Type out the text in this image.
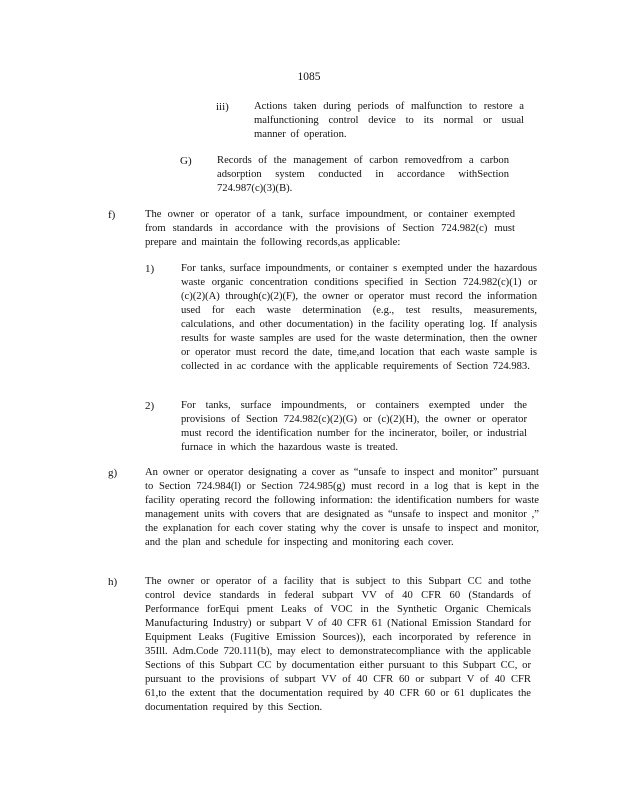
1085
iii) Actions taken during periods of malfunction to restore a malfunctioning control device to its normal or usual manner of operation.
G) Records of the management of carbon removedfrom a carbon adsorption system conducted in accordance withSection 724.987(c)(3)(B).
f)	The owner or operator of a tank, surface impoundment, or container exempted from standards in accordance with the provisions of Section 724.982(c) must prepare and maintain the following records,as applicable:
1)	For tanks, surface impoundments, or container s exempted under the hazardous waste organic concentration conditions specified in Section 724.982(c)(1) or (c)(2)(A) through(c)(2)(F), the owner or operator must record the information used for each waste determination (e.g., test results, measurements, calculations, and other documentation) in the facility operating log. If analysis results for waste samples are used for the waste determination, then the owner or operator must record the date, time,and location that each waste sample is collected in ac cordance with the applicable requirements of Section 724.983.
2)	For tanks, surface impoundments, or containers exempted under the provisions of Section 724.982(c)(2)(G) or (c)(2)(H), the owner or operator must record the identification number for the incinerator, boiler, or industrial furnace in which the hazardous waste is treated.
g)	An owner or operator designating a cover as “unsafe to inspect and monitor” pursuant to Section 724.984(l) or Section 724.985(g) must record in a log that is kept in the facility operating record the following information: the identification numbers for waste management units with covers that are designated as “unsafe to inspect and monitor ,” the explanation for each cover stating why the cover is unsafe to inspect and monitor, and the plan and schedule for inspecting and monitoring each cover.
h)	The owner or operator of a facility that is subject to this Subpart CC and tothe control device standards in federal subpart VV of 40 CFR 60 (Standards of Performance forEqui pment Leaks of VOC in the Synthetic Organic Chemicals Manufacturing Industry) or subpart V of 40 CFR 61 (National Emission Standard for Equipment Leaks (Fugitive Emission Sources)), each incorporated by reference in 35Ill. Adm.Code 720.111(b), may elect to demonstratecompliance with the applicable Sections of this Subpart CC by documentation either pursuant to this Subpart CC, or pursuant to the provisions of subpart VV of 40 CFR 60 or subpart V of 40 CFR 61,to the extent that the documentation required by 40 CFR 60 or 61 duplicates the documentation required by this Section.
